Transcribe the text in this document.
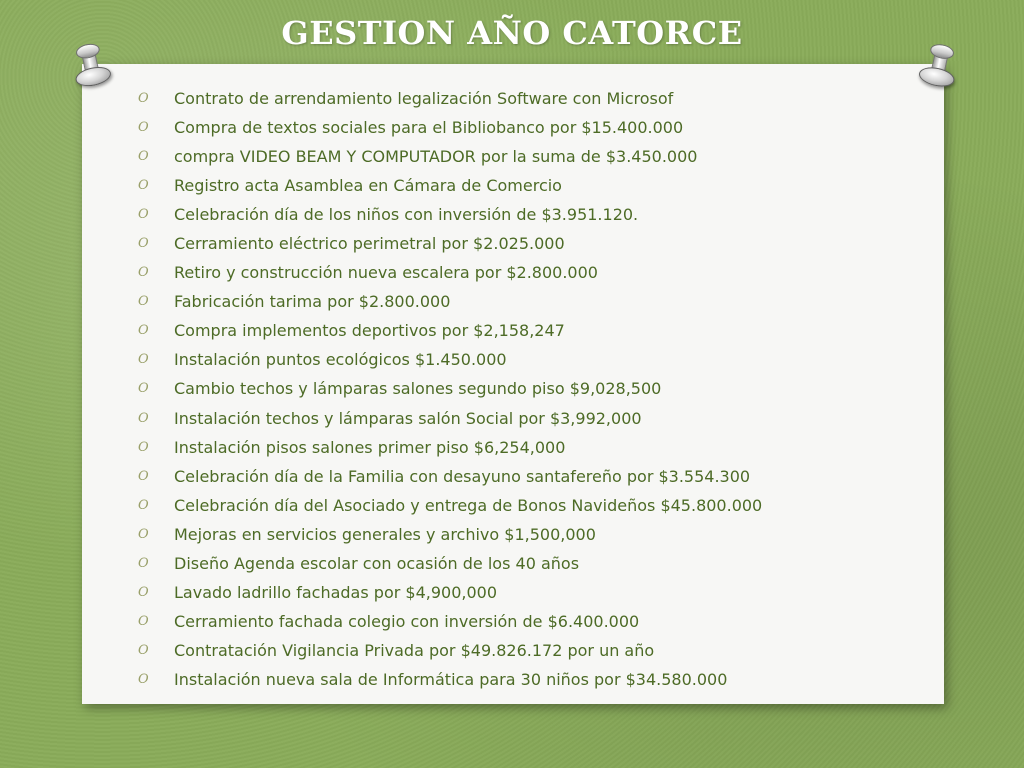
GESTION AÑO CATORCE
O	Contrato de arrendamiento legalización Software con Microsof
O	Compra de textos sociales para el Bibliobanco por $15.400.000
O	compra VIDEO BEAM Y COMPUTADOR por la suma de $3.450.000
O	Registro acta Asamblea en Cámara de Comercio
O	Celebración día de los niños con inversión de $3.951.120.
O	Cerramiento eléctrico perimetral por $2.025.000
O	Retiro y construcción nueva escalera por $2.800.000
O	Fabricación tarima por $2.800.000
O	Compra implementos deportivos por $2,158,247
O	Instalación puntos ecológicos $1.450.000
O	Cambio techos y lámparas salones segundo piso $9,028,500
O	Instalación techos y lámparas salón Social por $3,992,000
O	Instalación pisos salones primer piso $6,254,000
O	Celebración día de la Familia con desayuno santafereño por $3.554.300
O	Celebración día del Asociado y entrega de Bonos Navideños $45.800.000
O	Mejoras en servicios generales y archivo $1,500,000
O	Diseño Agenda escolar con ocasión de los 40 años
O	Lavado ladrillo fachadas por $4,900,000
O	Cerramiento fachada colegio con inversión de $6.400.000
O	Contratación Vigilancia Privada por $49.826.172 por un año
O	Instalación nueva sala de Informática para 30 niños por $34.580.000
